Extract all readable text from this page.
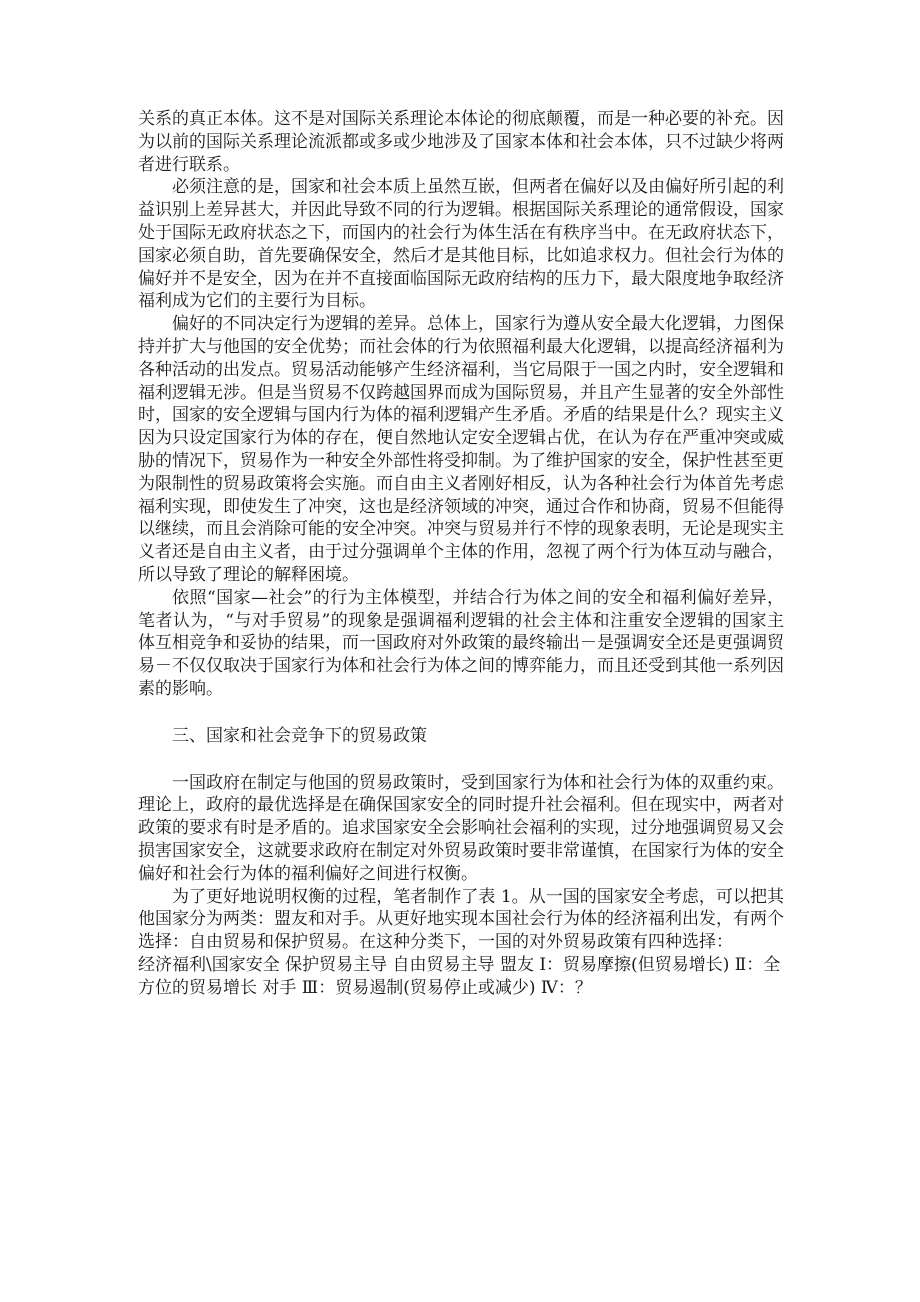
关系的真正本体。这不是对国际关系理论本体论的彻底颠覆，而是一种必要的补充。因为以前的国际关系理论流派都或多或少地涉及了国家本体和社会本体，只不过缺少将两者进行联系。

必须注意的是，国家和社会本质上虽然互嵌，但两者在偏好以及由偏好所引起的利益识别上差异甚大，并因此导致不同的行为逻辑。根据国际关系理论的通常假设，国家处于国际无政府状态之下，而国内的社会行为体生活在有秩序当中。在无政府状态下，国家必须自助，首先要确保安全，然后才是其他目标，比如追求权力。但社会行为体的偏好并不是安全，因为在并不直接面临国际无政府结构的压力下，最大限度地争取经济福利成为它们的主要行为目标。

偏好的不同决定行为逻辑的差异。总体上，国家行为遵从安全最大化逻辑，力图保持并扩大与他国的安全优势；而社会体的行为依照福利最大化逻辑，以提高经济福利为各种活动的出发点。贸易活动能够产生经济福利，当它局限于一国之内时，安全逻辑和福利逻辑无涉。但是当贸易不仅跨越国界而成为国际贸易，并且产生显著的安全外部性时，国家的安全逻辑与国内行为体的福利逻辑产生矛盾。矛盾的结果是什么？现实主义因为只设定国家行为体的存在，便自然地认定安全逻辑占优，在认为存在严重冲突或威胁的情况下，贸易作为一种安全外部性将受抑制。为了维护国家的安全，保护性甚至更为限制性的贸易政策将会实施。而自由主义者刚好相反，认为各种社会行为体首先考虑福利实现，即使发生了冲突，这也是经济领域的冲突，通过合作和协商，贸易不但能得以继续，而且会消除可能的安全冲突。冲突与贸易并行不悖的现象表明，无论是现实主义者还是自由主义者，由于过分强调单个主体的作用，忽视了两个行为体互动与融合，所以导致了理论的解释困境。

依照“国家—社会”的行为主体模型，并结合行为体之间的安全和福利偏好差异，笔者认为，“与对手贸易”的现象是强调福利逻辑的社会主体和注重安全逻辑的国家主体互相竞争和妥协的结果，而一国政府对外政策的最终输出－是强调安全还是更强调贸易－不仅仅取决于国家行为体和社会行为体之间的博弈能力，而且还受到其他一系列因素的影响。

三、国家和社会竞争下的贸易政策

一国政府在制定与他国的贸易政策时，受到国家行为体和社会行为体的双重约束。理论上，政府的最优选择是在确保国家安全的同时提升社会福利。但在现实中，两者对政策的要求有时是矛盾的。追求国家安全会影响社会福利的实现，过分地强调贸易又会损害国家安全，这就要求政府在制定对外贸易政策时要非常谨慎，在国家行为体的安全偏好和社会行为体的福利偏好之间进行权衡。

为了更好地说明权衡的过程，笔者制作了表 1。从一国的国家安全考虑，可以把其他国家分为两类：盟友和对手。从更好地实现本国社会行为体的经济福利出发，有两个选择：自由贸易和保护贸易。在这种分类下，一国的对外贸易政策有四种选择：

经济福利\国家安全 保护贸易主导 自由贸易主导 盟友 Ⅰ：贸易摩擦(但贸易增长) Ⅱ：全方位的贸易增长 对手 Ⅲ：贸易遏制(贸易停止或减少) Ⅳ：？
